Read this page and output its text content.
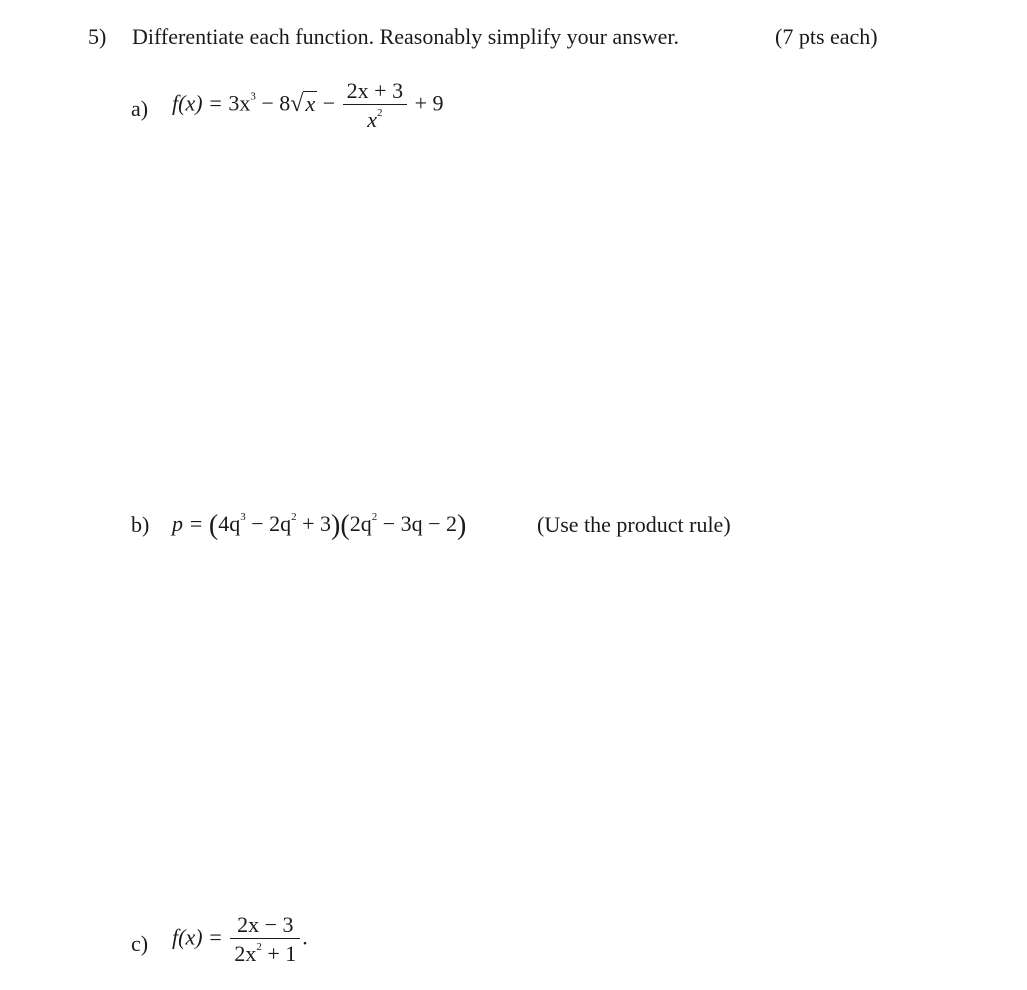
5) Differentiate each function. Reasonably simplify your answer.	(7 pts each)
a) $f(x) = 3x^3 - 8√x - \frac{2x + 3}{x^2} + 9$
b) $p = (4q^3 - 2q^2 + 3)(2q^2 - 3q - 2)$	(Use the product rule)
c) $f(x) = \frac{2x - 3}{2x^2 + 1}$ .
